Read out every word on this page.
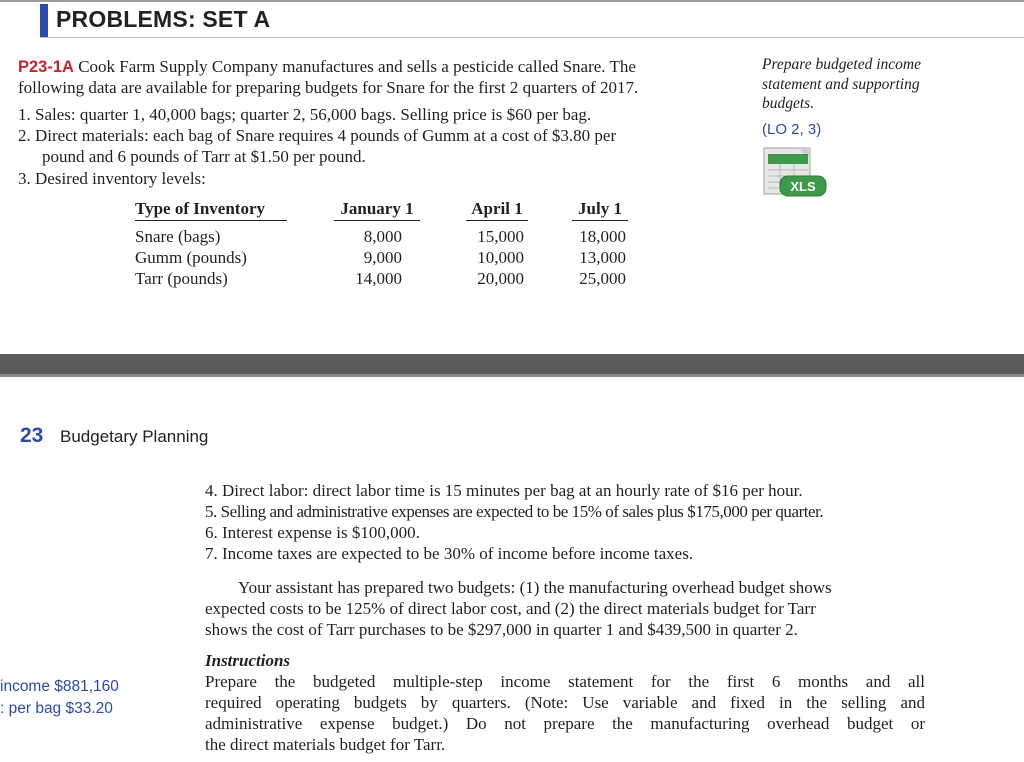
PROBLEMS: SET A
P23-1A Cook Farm Supply Company manufactures and sells a pesticide called Snare. The
following data are available for preparing budgets for Snare for the first 2 quarters of 2017.
1. Sales: quarter 1, 40,000 bags; quarter 2, 56,000 bags. Selling price is $60 per bag.
2. Direct materials: each bag of Snare requires 4 pounds of Gumm at a cost of $3.80 per
pound and 6 pounds of Tarr at $1.50 per pound.
3. Desired inventory levels:
Prepare budgeted income
statement and supporting
budgets.
(LO 2, 3)
XLS
Type of Inventory	January 1	April 1	July 1
Snare (bags)	8,000	15,000	18,000
Gumm (pounds)	9,000	10,000	13,000
Tarr (pounds)	14,000	20,000	25,000
23 Budgetary Planning
4. Direct labor: direct labor time is 15 minutes per bag at an hourly rate of $16 per hour.
5. Selling and administrative expenses are expected to be 15% of sales plus $175,000 per quarter.
6. Interest expense is $100,000.
7. Income taxes are expected to be 30% of income before income taxes.
Your assistant has prepared two budgets: (1) the manufacturing overhead budget shows
expected costs to be 125% of direct labor cost, and (2) the direct materials budget for Tarr
shows the cost of Tarr purchases to be $297,000 in quarter 1 and $439,500 in quarter 2.
Instructions
Prepare the budgeted multiple-step income statement for the first 6 months and all
required operating budgets by quarters. (Note: Use variable and fixed in the selling and
administrative expense budget.) Do not prepare the manufacturing overhead budget or
the direct materials budget for Tarr.
income $881,160
: per bag $33.20
